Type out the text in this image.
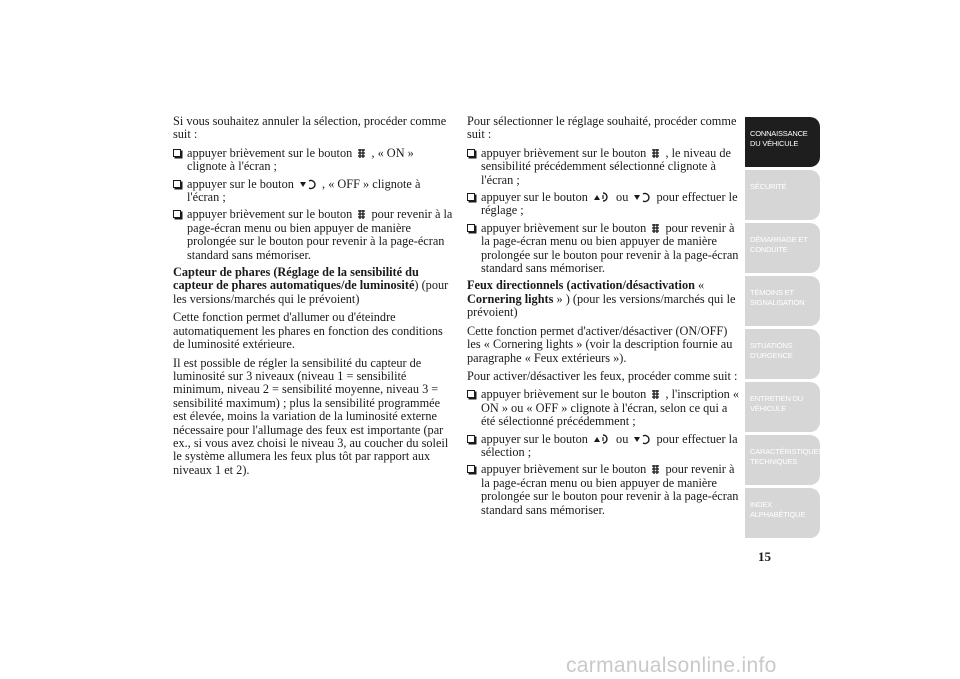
Si vous souhaitez annuler la sélection, procéder comme suit :

appuyer brièvement sur le bouton , « ON » clignote à l'écran ;
appuyer sur le bouton , « OFF » clignote à l'écran ;
appuyer brièvement sur le bouton  pour revenir à la page-écran menu ou bien appuyer de manière prolongée sur le bouton pour revenir à la page-écran standard sans mémoriser.

Capteur de phares (Réglage de la sensibilité du capteur de phares automatiques/de luminosité) (pour les versions/marchés qui le prévoient)

Cette fonction permet d'allumer ou d'éteindre automatiquement les phares en fonction des conditions de luminosité extérieure.

Il est possible de régler la sensibilité du capteur de luminosité sur 3 niveaux (niveau 1 = sensibilité minimum, niveau 2 = sensibilité moyenne, niveau 3 = sensibilité maximum) ; plus la sensibilité programmée est élevée, moins la variation de la luminosité externe nécessaire pour l'allumage des feux est importante (par ex., si vous avez choisi le niveau 3, au coucher du soleil le système allumera les feux plus tôt par rapport aux niveaux 1 et 2).

Pour sélectionner le réglage souhaité, procéder comme suit :

appuyer brièvement sur le bouton , le niveau de sensibilité précédemment sélectionné clignote à l'écran ;
appuyer sur le bouton  ou  pour effectuer le réglage ;
appuyer brièvement sur le bouton  pour revenir à la page-écran menu ou bien appuyer de manière prolongée sur le bouton pour revenir à la page-écran standard sans mémoriser.

Feux directionnels (activation/désactivation « Cornering lights » ) (pour les versions/marchés qui le prévoient)

Cette fonction permet d'activer/désactiver (ON/OFF) les « Cornering lights » (voir la description fournie au paragraphe « Feux extérieurs »).

Pour activer/désactiver les feux, procéder comme suit :

appuyer brièvement sur le bouton , l'inscription « ON » ou « OFF » clignote à l'écran, selon ce qui a été sélectionné précédemment ;
appuyer sur le bouton  ou  pour effectuer la sélection ;
appuyer brièvement sur le bouton  pour revenir à la page-écran menu ou bien appuyer de manière prolongée sur le bouton pour revenir à la page-écran standard sans mémoriser.
CONNAISSANCE DU VÉHICULE
SÉCURITÉ
DÉMARRAGE ET CONDUITE
TÉMOINS ET SIGNALISATION
SITUATIONS D'URGENCE
ENTRETIEN DU VÉHICULE
CARACTÉRISTIQUES TECHNIQUES
INDEX ALPHABÉTIQUE
15
carmanualsonline.info
